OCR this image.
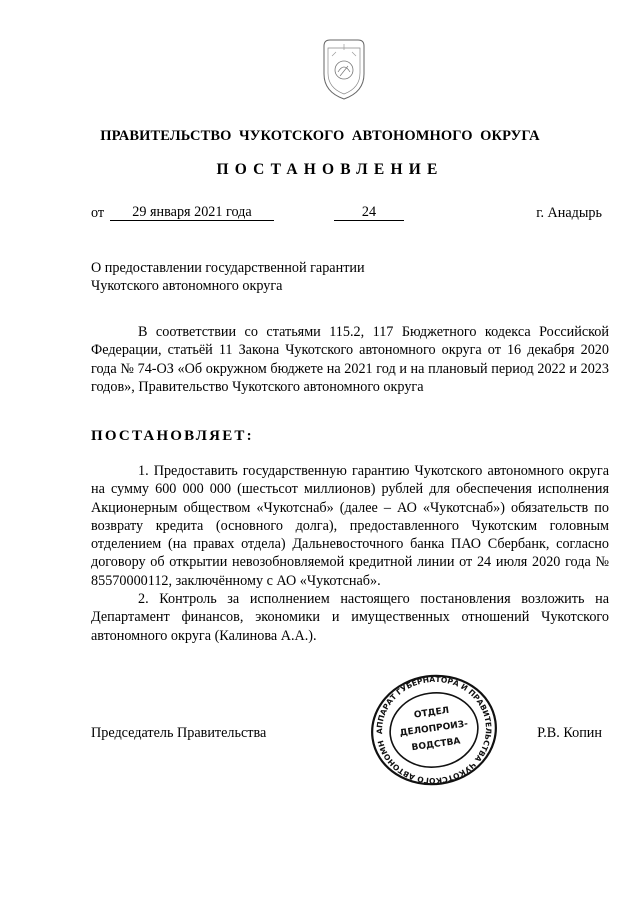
ПРАВИТЕЛЬСТВО  ЧУКОТСКОГО  АВТОНОМНОГО  ОКРУГА
ПОСТАНОВЛЕНИЕ
от	29 января 2021 года	24	г. Анадырь
О предоставлении государственной гарантии
Чукотского автономного округа

В соответствии со статьями 115.2, 117 Бюджетного кодекса Российской Федерации, статьёй 11 Закона Чукотского автономного округа от 16 декабря 2020 года № 74-ОЗ «Об окружном бюджете на 2021 год и на плановый период 2022 и 2023 годов», Правительство Чукотского автономного округа

ПОСТАНОВЛЯЕТ:

1. Предоставить государственную гарантию Чукотского автономного округа на сумму 600 000 000 (шестьсот миллионов) рублей для обеспечения исполнения Акционерным обществом «Чукотснаб» (далее – АО «Чукотснаб») обязательств по возврату кредита (основного долга), предоставленного Чукотским головным отделением (на правах отдела) Дальневосточного банка ПАО Сбербанк, согласно договору об открытии невозобновляемой кредитной линии от 24 июля 2020 года № 85570000112, заключённому с АО «Чукотснаб».

2. Контроль за исполнением настоящего постановления возложить на Департамент финансов, экономики и имущественных отношений Чукотского автономного округа (Калинова А.А.).

Председатель Правительства	Р.В. Копин
АППАРАТ ГУБЕРНАТОРА И ПРАВИТЕЛЬСТВА ЧУКОТСКОГО АВТОНОМНОГО
ОТДЕЛ
ДЕЛОПРОИЗ-
ВОДСТВА
